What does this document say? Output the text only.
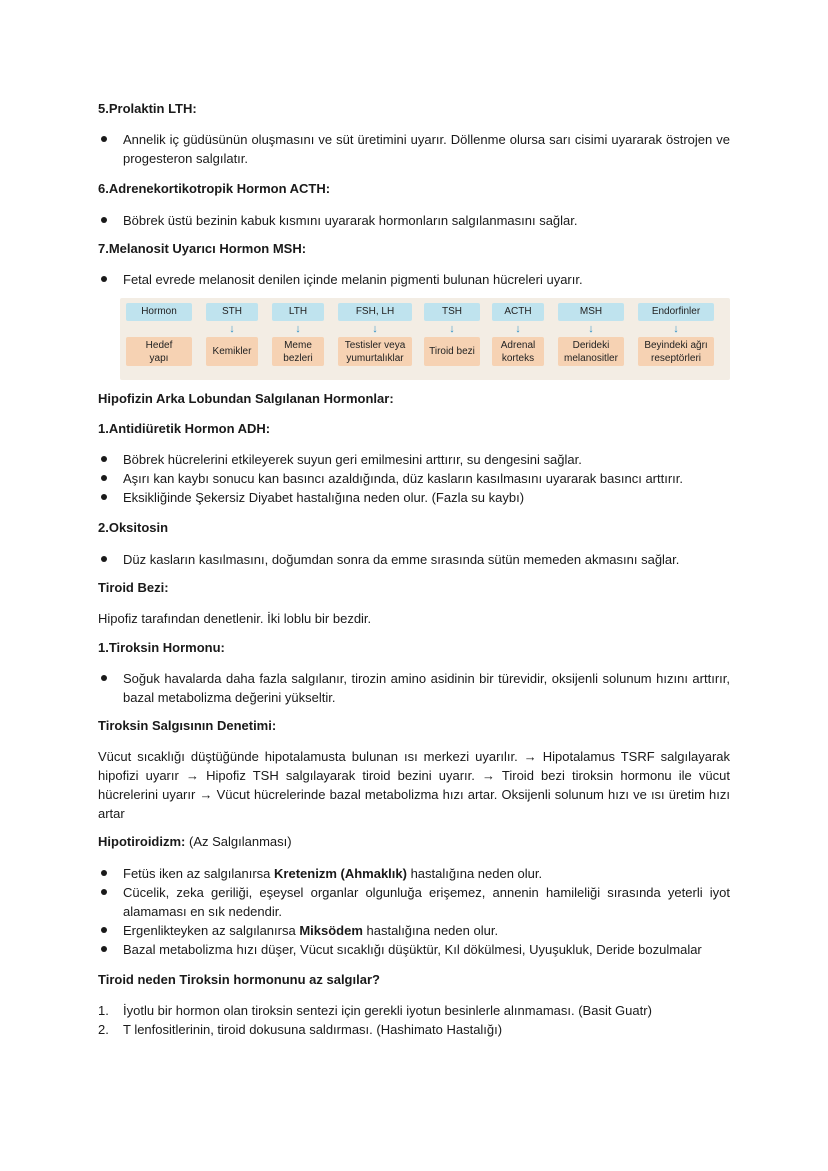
5.Prolaktin LTH:

Annelik iç güdüsünün oluşmasını ve süt üretimini uyarır. Döllenme olursa sarı cisimi uyararak östrojen ve progesteron salgılatır.

6.Adrenekortikotropik Hormon ACTH:

Böbrek üstü bezinin kabuk kısmını uyararak hormonların salgılanmasını sağlar.

7.Melanosit Uyarıcı Hormon MSH:

Fetal evrede melanosit denilen içinde melanin pigmenti bulunan hücreleri uyarır.
Hormon
Hedef
yapı
STH
↓
Kemikler
LTH
↓
Meme
bezleri
FSH, LH
↓
Testisler veya
yumurtalıklar
TSH
↓
Tiroid bezi
ACTH
↓
Adrenal
korteks
MSH
↓
Derideki
melanositler
Endorfinler
↓
Beyindeki ağrı
reseptörleri

Hipofizin Arka Lobundan Salgılanan Hormonlar:

1.Antidiüretik Hormon ADH:

Böbrek hücrelerini etkileyerek suyun geri emilmesini arttırır, su dengesini sağlar.
Aşırı kan kaybı sonucu kan basıncı azaldığında, düz kasların kasılmasını uyararak basıncı arttırır.
Eksikliğinde Şekersiz Diyabet hastalığına neden olur. (Fazla su kaybı)

2.Oksitosin

Düz kasların kasılmasını, doğumdan sonra da emme sırasında sütün memeden akmasını sağlar.

Tiroid Bezi:

Hipofiz tarafından denetlenir. İki loblu bir bezdir.

1.Tiroksin Hormonu:

Soğuk havalarda daha fazla salgılanır, tirozin amino asidinin bir türevidir, oksijenli solunum hızını arttırır, bazal metabolizma değerini yükseltir.

Tiroksin Salgısının Denetimi:

Vücut sıcaklığı düştüğünde hipotalamusta bulunan ısı merkezi uyarılır. → Hipotalamus TSRF salgılayarak hipofizi uyarır → Hipofiz TSH salgılayarak tiroid bezini uyarır. → Tiroid bezi tiroksin hormonu ile vücut hücrelerini uyarır → Vücut hücrelerinde bazal metabolizma hızı artar. Oksijenli solunum hızı ve ısı üretim hızı artar

Hipotiroidizm: (Az Salgılanması)

Fetüs iken az salgılanırsa Kretenizm (Ahmaklık) hastalığına neden olur.
Cücelik, zeka geriliği, eşeysel organlar olgunluğa erişemez, annenin hamileliği sırasında yeterli iyot alamaması en sık nedendir.
Ergenlikteyken az salgılanırsa Miksödem hastalığına neden olur.
Bazal metabolizma hızı düşer, Vücut sıcaklığı düşüktür, Kıl dökülmesi, Uyuşukluk, Deride bozulmalar

Tiroid neden Tiroksin hormonunu az salgılar?

1. İyotlu bir hormon olan tiroksin sentezi için gerekli iyotun besinlerle alınmaması. (Basit Guatr)
2. T lenfositlerinin, tiroid dokusuna saldırması. (Hashimato Hastalığı)
